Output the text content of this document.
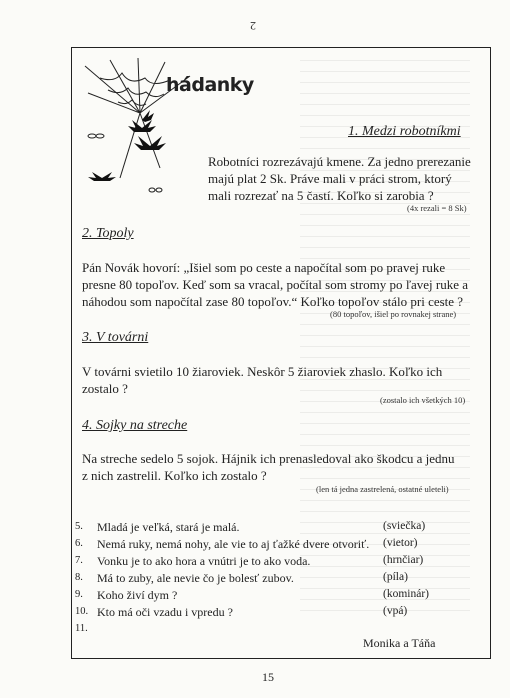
2
hádanky
1. Medzi robotníkmi
Robotníci rozrezávajú kmene. Za jedno prerezanie
majú plat 2 Sk. Práve mali v práci strom, ktorý
mali rozrezať na 5 častí. Koľko si zarobia ?
(4x rezali = 8 Sk)
2. Topoly
Pán Novák hovorí: „Išiel som po ceste a napočítal som po pravej ruke
presne 80 topoľov. Keď som sa vracal, počítal som stromy po ľavej ruke a
náhodou som napočítal zase 80 topoľov.“ Koľko topoľov stálo pri ceste ?
(80 topoľov, išiel po rovnakej strane)
3. V továrni
V továrni svietilo 10 žiaroviek. Neskôr 5 žiaroviek zhaslo. Koľko ich
zostalo ?
(zostalo ich všetkých 10)
4. Sojky na streche
Na streche sedelo 5 sojok. Hájnik ich prenasledoval ako škodcu a jednu
z nich zastrelil. Koľko ich zostalo ?
(len tá jedna zastrelená, ostatné uleteli)
5.	Mladá je veľká, stará je malá.	(sviečka)
6.	Nemá ruky, nemá nohy, ale vie to aj ťažké dvere otvoriť. (vietor)
7.	Vonku je to ako hora a vnútri je to ako voda.	(hrnčiar)
8.	Má to zuby, ale nevie čo je bolesť zubov.	(píla)
9.	Koho živí dym ?	(kominár)
10. Kto má oči vzadu i vpredu ?	(vpá)
11.
Monika a Táňa
15
